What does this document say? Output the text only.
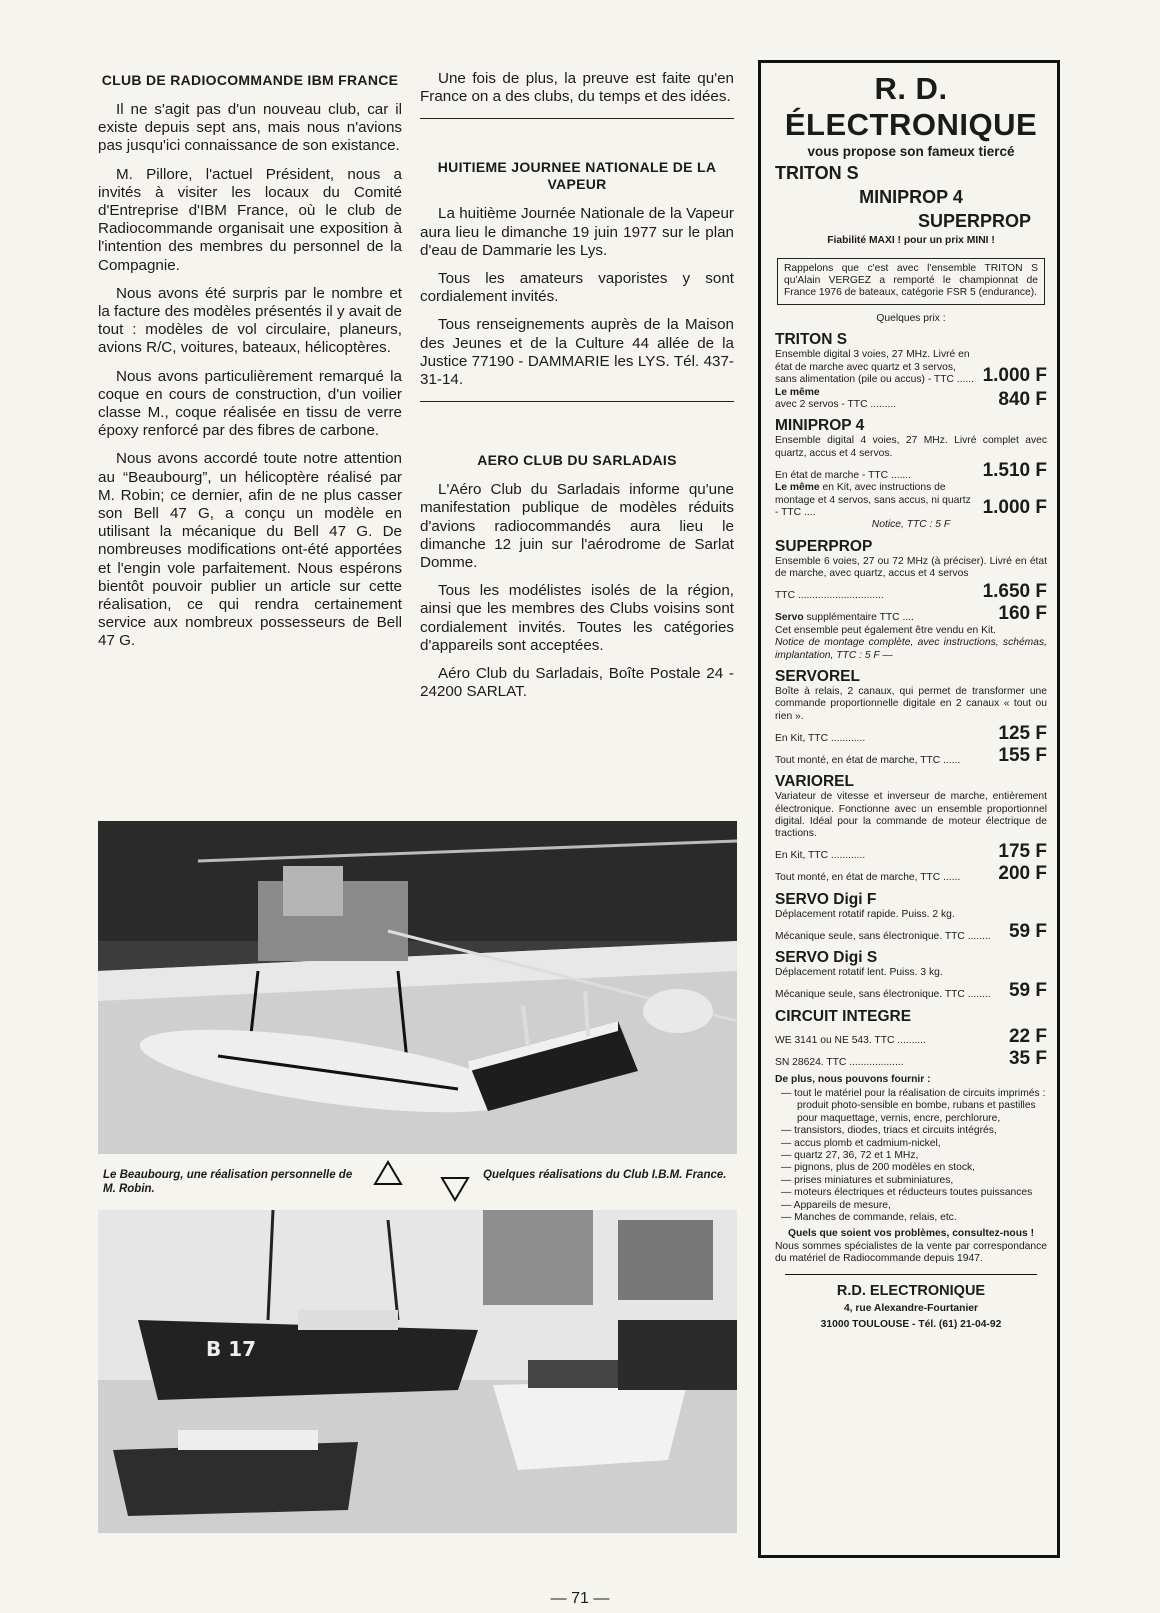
CLUB DE RADIOCOMMANDE IBM FRANCE

Il ne s'agit pas d'un nouveau club, car il existe depuis sept ans, mais nous n'avions pas jusqu'ici connaissance de son existance.

M. Pillore, l'actuel Président, nous a invités à visiter les locaux du Comité d'Entreprise d'IBM France, où le club de Radiocommande organisait une exposition à l'intention des membres du personnel de la Compagnie.

Nous avons été surpris par le nombre et la facture des modèles présentés il y avait de tout : modèles de vol circulaire, planeurs, avions R/C, voitures, bateaux, hélicoptères.

Nous avons particulièrement remarqué la coque en cours de construction, d'un voilier classe M., coque réalisée en tissu de verre époxy renforcé par des fibres de carbone.

Nous avons accordé toute notre attention au “Beaubourg”, un hélicoptère réalisé par M. Robin; ce dernier, afin de ne plus casser son Bell 47 G, a conçu un modèle en utilisant la mécanique du Bell 47 G. De nombreuses modifications ont-été apportées et l'engin vole parfaitement. Nous espérons bientôt pouvoir publier un article sur cette réalisation, ce qui rendra certainement service aux nombreux possesseurs de Bell 47 G.

Une fois de plus, la preuve est faite qu'en France on a des clubs, du temps et des idées.

HUITIEME JOURNEE NATIONALE DE LA VAPEUR

La huitième Journée Nationale de la Vapeur aura lieu le dimanche 19 juin 1977 sur le plan d'eau de Dammarie les Lys.

Tous les amateurs vaporistes y sont cordialement invités.

Tous renseignements auprès de la Maison des Jeunes et de la Culture 44 allée de la Justice 77190 - DAMMARIE les LYS. Tél. 437-31-14.

AERO CLUB DU SARLADAIS

L'Aéro Club du Sarladais informe qu'une manifestation publique de modèles réduits d'avions radiocommandés aura lieu le dimanche 12 juin sur l'aérodrome de Sarlat Domme.

Tous les modélistes isolés de la région, ainsi que les membres des Clubs voisins sont cordialement invités. Toutes les catégories d'appareils sont acceptées.

Aéro Club du Sarladais, Boîte Postale 24 - 24200 SARLAT.

Le Beaubourg, une réalisation personnelle de M. Robin.
Quelques réalisations du Club I.B.M. France.
B 17
— 71 —
R. D. ÉLECTRONIQUE
vous propose son fameux tiercé
TRITON S
MINIPROP 4
SUPERPROP
Fiabilité MAXI ! pour un prix MINI !
Rappelons que c'est avec l'ensemble TRITON S qu'Alain VERGEZ a remporté le championnat de France 1976 de bateaux, catégorie FSR 5 (endurance).
Quelques prix :
TRITON S
Ensemble digital 3 voies, 27 MHz. Livré en état de marche avec quartz et 3 servos, sans alimentation (pile ou accus) - TTC ...... 1.000 F
Le même
avec 2 servos - TTC .........	840 F
MINIPROP 4
Ensemble digital 4 voies, 27 MHz. Livré complet avec quartz, accus et 4 servos.
En état de marche - TTC .......	1.510 F
Le même en Kit, avec instructions de montage et 4 servos, sans accus, ni quartz - TTC ....	1.000 F
Notice, TTC : 5 F
SUPERPROP
Ensemble 6 voies, 27 ou 72 MHz (à préciser). Livré en état de marche, avec quartz, accus et 4 servos
TTC ..............................	1.650 F
Servo supplémentaire TTC ....	160 F
Cet ensemble peut également être vendu en Kit.
Notice de montage complète, avec instructions, schémas, implantation, TTC : 5 F —
SERVOREL
Boîte à relais, 2 canaux, qui permet de transformer une commande proportionnelle digitale en 2 canaux « tout ou rien ».
En Kit, TTC ............	125 F
Tout monté, en état de marche, TTC ......	155 F
VARIOREL
Variateur de vitesse et inverseur de marche, entièrement électronique. Fonctionne avec un ensemble proportionnel digital. Idéal pour la commande de moteur électrique de tractions.
En Kit, TTC ............	175 F
Tout monté, en état de marche, TTC ......	200 F
SERVO Digi F
Déplacement rotatif rapide. Puiss. 2 kg.
Mécanique seule, sans électronique. TTC ........ 59 F
SERVO Digi S
Déplacement rotatif lent. Puiss. 3 kg.
Mécanique seule, sans électronique. TTC ........ 59 F
CIRCUIT INTEGRE
WE 3141 ou NE 543. TTC ..........	22 F
SN 28624. TTC ...................	35 F
De plus, nous pouvons fournir :
— tout le matériel pour la réalisation de circuits imprimés : produit photo-sensible en bombe, rubans et pastilles pour maquettage, vernis, encre, perchlorure,
— transistors, diodes, triacs et circuits intégrés,
— accus plomb et cadmium-nickel,
— quartz 27, 36, 72 et 1 MHz,
— pignons, plus de 200 modèles en stock,
— prises miniatures et subminiatures,
— moteurs électriques et réducteurs toutes puissances
— Appareils de mesure,
— Manches de commande, relais, etc.
Quels que soient vos problèmes, consultez-nous !
Nous sommes spécialistes de la vente par correspondance du matériel de Radiocommande depuis 1947.
R.D. ELECTRONIQUE
4, rue Alexandre-Fourtanier
31000 TOULOUSE - Tél. (61) 21-04-92
